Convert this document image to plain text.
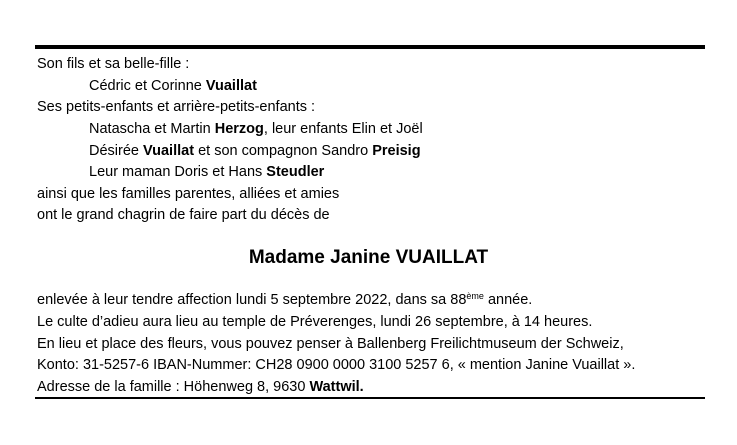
Son fils et sa belle-fille :
Cédric et Corinne Vuaillat
Ses petits-enfants et arrière-petits-enfants :
Natascha et Martin Herzog, leur enfants Elin et Joël
Désirée Vuaillat et son compagnon Sandro Preisig
Leur maman Doris et Hans Steudler
ainsi que les familles parentes, alliées et amies
ont le grand chagrin de faire part du décès de
Madame Janine VUAILLAT
enlevée à leur tendre affection lundi 5 septembre 2022, dans sa 88ème année.
Le culte d’adieu aura lieu au temple de Préverenges, lundi 26 septembre, à 14 heures.
En lieu et place des fleurs, vous pouvez penser à Ballenberg Freilichtmuseum der Schweiz,
Konto: 31-5257-6 IBAN-Nummer: CH28 0900 0000 3100 5257 6, « mention Janine Vuaillat ».
Adresse de la famille : Höhenweg 8, 9630 Wattwil.
